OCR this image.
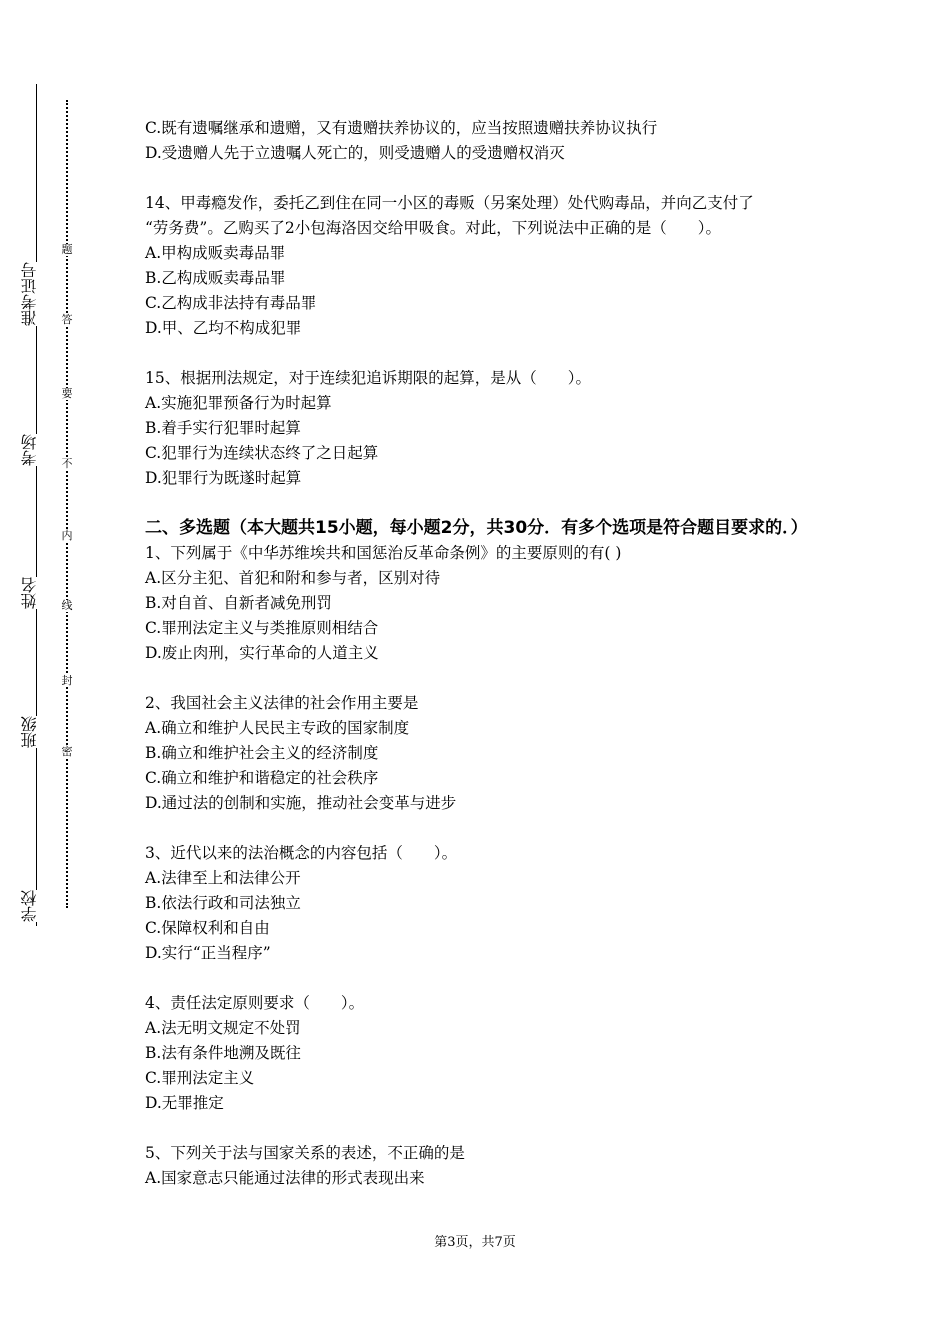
准考证号
考场
姓名
班级
学校
题
答
要
不
内
线
封
密
C.既有遗嘱继承和遗赠，又有遗赠扶养协议的，应当按照遗赠扶养协议执行
D.受遗赠人先于立遗嘱人死亡的，则受遗赠人的受遗赠权消灭
14、甲毒瘾发作，委托乙到住在同一小区的毒贩（另案处理）处代购毒品，并向乙支付了
“劳务费”。乙购买了2小包海洛因交给甲吸食。对此，下列说法中正确的是（　　）。
A.甲构成贩卖毒品罪
B.乙构成贩卖毒品罪
C.乙构成非法持有毒品罪
D.甲、乙均不构成犯罪
15、根据刑法规定，对于连续犯追诉期限的起算，是从（　　）。
A.实施犯罪预备行为时起算
B.着手实行犯罪时起算
C.犯罪行为连续状态终了之日起算
D.犯罪行为既遂时起算
二、多选题（本大题共15小题，每小题2分，共30分．有多个选项是符合题目要求的．）
1、下列属于《中华苏维埃共和国惩治反革命条例》的主要原则的有( )
A.区分主犯、首犯和附和参与者，区别对待
B.对自首、自新者减免刑罚
C.罪刑法定主义与类推原则相结合
D.废止肉刑，实行革命的人道主义
2、我国社会主义法律的社会作用主要是
A.确立和维护人民民主专政的国家制度
B.确立和维护社会主义的经济制度
C.确立和维护和谐稳定的社会秩序
D.通过法的创制和实施，推动社会变革与进步
3、近代以来的法治概念的内容包括（　　）。
A.法律至上和法律公开
B.依法行政和司法独立
C.保障权利和自由
D.实行“正当程序”
4、责任法定原则要求（　　）。
A.法无明文规定不处罚
B.法有条件地溯及既往
C.罪刑法定主义
D.无罪推定
5、下列关于法与国家关系的表述，不正确的是
A.国家意志只能通过法律的形式表现出来
第3页，共7页
